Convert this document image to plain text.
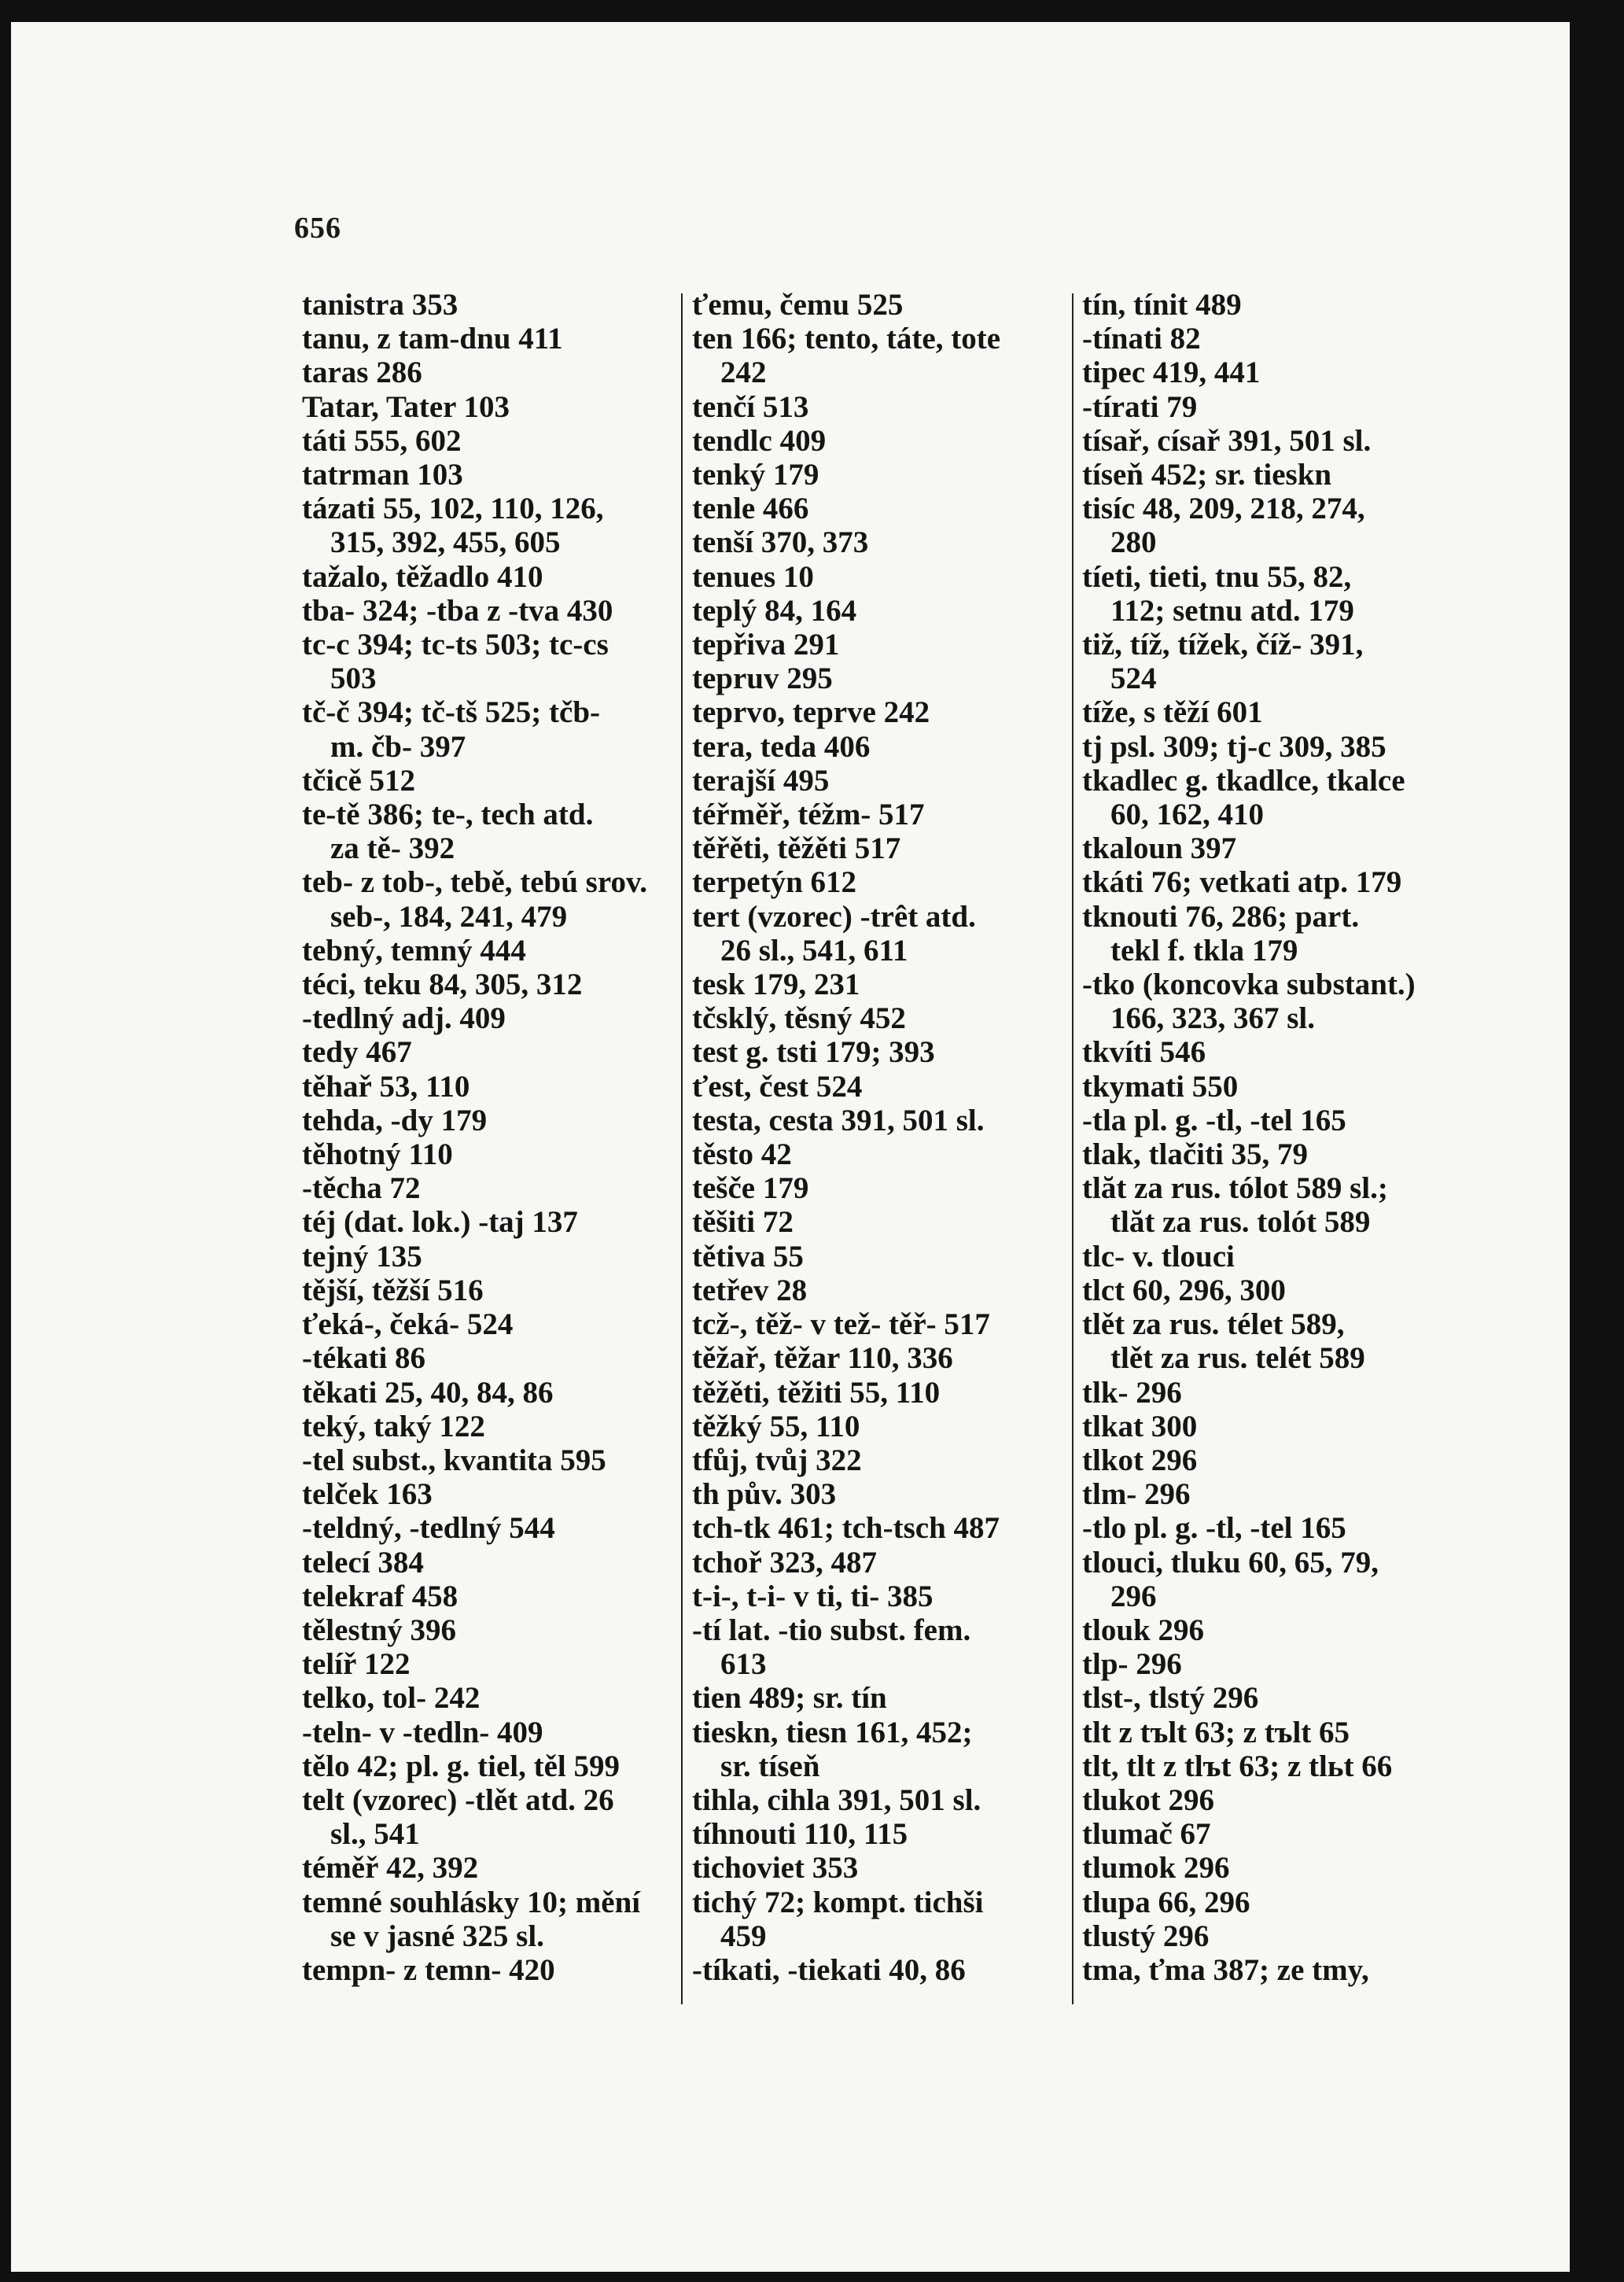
656
tanistra 353
tanu, z tam-dnu 411
taras 286
Tatar, Tater 103
táti 555, 602
tatrman 103
tázati 55, 102, 110, 126,
315, 392, 455, 605
tažalo, těžadlo 410
tba- 324; -tba z -tva 430
tc-c 394; tc-ts 503; tc-cs
503
tč-č 394; tč-tš 525; tčb-
m. čb- 397
tčicě 512
te-tě 386; te-, tech atd.
za tě- 392
teb- z tob-, tebě, tebú srov.
seb-, 184, 241, 479
tebný, temný 444
téci, teku 84, 305, 312
-tedlný adj. 409
tedy 467
těhař 53, 110
tehda, -dy 179
těhotný 110
-těcha 72
téj (dat. lok.) -taj 137
tejný 135
tější, těžší 516
ťeká-, čeká- 524
-tékati 86
těkati 25, 40, 84, 86
teký, taký 122
-tel subst., kvantita 595
telček 163
-teldný, -tedlný 544
telecí 384
telekraf 458
tělestný 396
telíř 122
telko, tol- 242
-teln- v -tedln- 409
tělo 42; pl. g. tiel, těl 599
telt (vzorec) -tlět atd. 26
sl., 541
téměř 42, 392
temné souhlásky 10; mění
se v jasné 325 sl.
tempn- z temn- 420
ťemu, čemu 525
ten 166; tento, táte, tote
242
tenčí 513
tendlc 409
tenký 179
tenle 466
tenší 370, 373
tenues 10
teplý 84, 164
tepřiva 291
tepruv 295
teprvo, teprve 242
tera, teda 406
terajší 495
téřměř, téžm- 517
těřěti, těžěti 517
terpetýn 612
tert (vzorec) -trêt atd.
26 sl., 541, 611
tesk 179, 231
tčsklý, těsný 452
test g. tsti 179; 393
ťest, čest 524
testa, cesta 391, 501 sl.
těsto 42
tešče 179
těšiti 72
tětiva 55
tetřev 28
tcž-, těž- v tež- těř- 517
těžař, těžar 110, 336
těžěti, těžiti 55, 110
těžký 55, 110
tfůj, tvůj 322
th pův. 303
tch-tk 461; tch-tsch 487
tchoř 323, 487
t-i-, t-i- v ti, ti- 385
-tí lat. -tio subst. fem.
613
tien 489; sr. tín
tieskn, tiesn 161, 452;
sr. tíseň
tihla, cihla 391, 501 sl.
tíhnouti 110, 115
tichoviet 353
tichý 72; kompt. tichši
459
-tíkati, -tiekati 40, 86
tín, tínit 489
-tínati 82
tipec 419, 441
-tírati 79
tísař, císař 391, 501 sl.
tíseň 452; sr. tieskn
tisíc 48, 209, 218, 274,
280
tíeti, tieti, tnu 55, 82,
112; setnu atd. 179
tiž, tíž, tížek, číž- 391,
524
tíže, s těží 601
tj psl. 309; tj-c 309, 385
tkadlec g. tkadlce, tkalce
60, 162, 410
tkaloun 397
tkáti 76; vetkati atp. 179
tknouti 76, 286; part.
tekl f. tkla 179
-tko (koncovka substant.)
166, 323, 367 sl.
tkvíti 546
tkymati 550
-tla pl. g. -tl, -tel 165
tlak, tlačiti 35, 79
tlăt za rus. tólot 589 sl.;
tlăt za rus. tolót 589
tlc- v. tlouci
tlct 60, 296, 300
tlět za rus. télet 589,
tlět za rus. telét 589
tlk- 296
tlkat 300
tlkot 296
tlm- 296
-tlo pl. g. -tl, -tel 165
tlouci, tluku 60, 65, 79,
296
tlouk 296
tlp- 296
tlst-, tlstý 296
tlt z tъlt 63; z tъlt 65
tlt, tlt z tlъt 63; z tlьt 66
tlukot 296
tlumač 67
tlumok 296
tlupa 66, 296
tlustý 296
tma, ťma 387; ze tmy,
